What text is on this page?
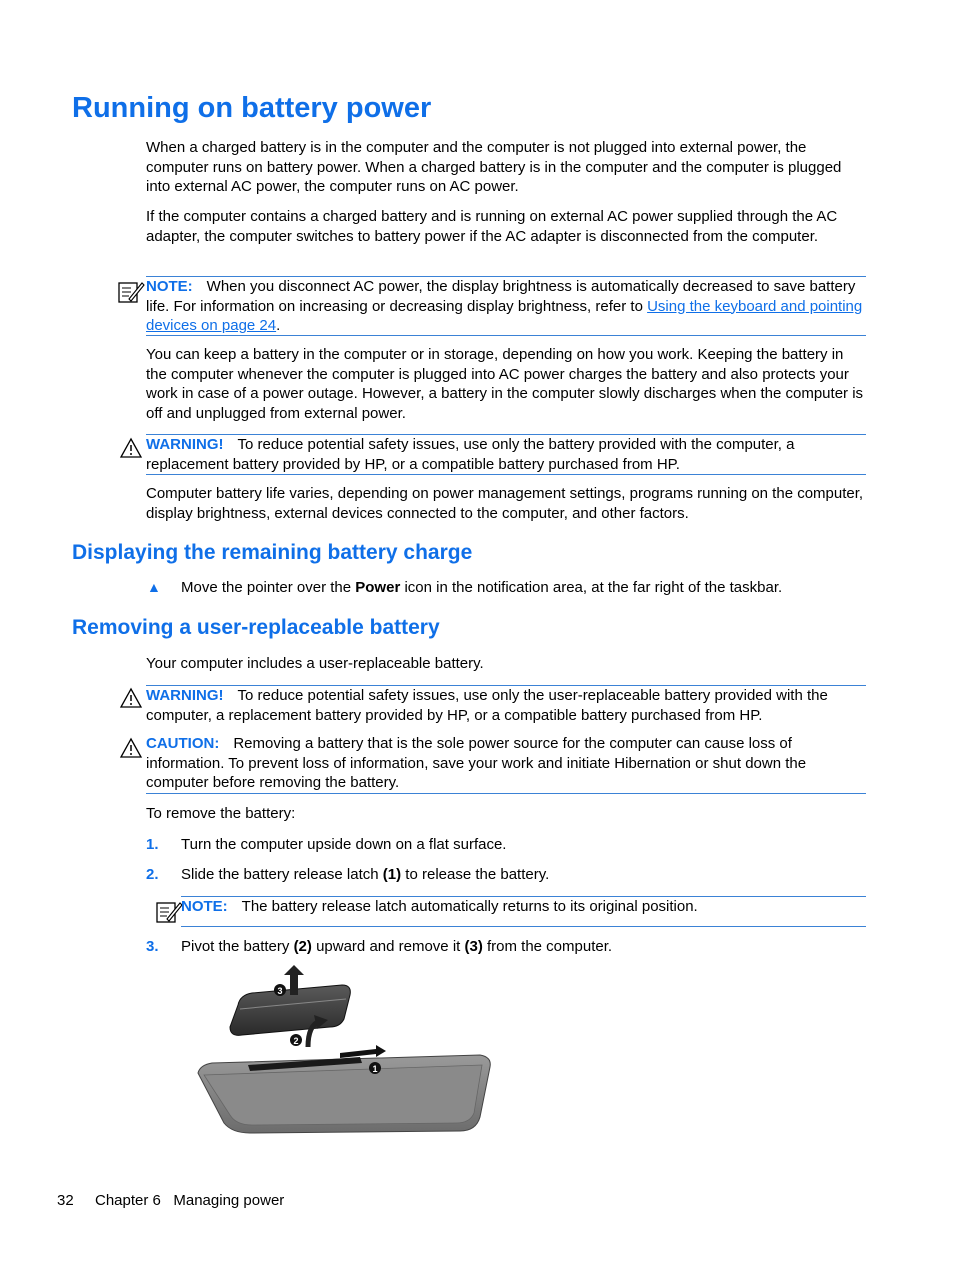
Running on battery power

When a charged battery is in the computer and the computer is not plugged into external power, the computer runs on battery power. When a charged battery is in the computer and the computer is plugged into external AC power, the computer runs on AC power.

If the computer contains a charged battery and is running on external AC power supplied through the AC adapter, the computer switches to battery power if the AC adapter is disconnected from the computer.

NOTE: When you disconnect AC power, the display brightness is automatically decreased to save battery life. For information on increasing or decreasing display brightness, refer to Using the keyboard and pointing devices on page 24.

You can keep a battery in the computer or in storage, depending on how you work. Keeping the battery in the computer whenever the computer is plugged into AC power charges the battery and also protects your work in case of a power outage. However, a battery in the computer slowly discharges when the computer is off and unplugged from external power.

WARNING! To reduce potential safety issues, use only the battery provided with the computer, a replacement battery provided by HP, or a compatible battery purchased from HP.

Computer battery life varies, depending on power management settings, programs running on the computer, display brightness, external devices connected to the computer, and other factors.

Displaying the remaining battery charge
▲ Move the pointer over the Power icon in the notification area, at the far right of the taskbar.
Removing a user-replaceable battery

Your computer includes a user-replaceable battery.

WARNING! To reduce potential safety issues, use only the user-replaceable battery provided with the computer, a replacement battery provided by HP, or a compatible battery purchased from HP.
CAUTION: Removing a battery that is the sole power source for the computer can cause loss of information. To prevent loss of information, save your work and initiate Hibernation or shut down the computer before removing the battery.

To remove the battery:

1. Turn the computer upside down on a flat surface.
2. Slide the battery release latch (1) to release the battery.
NOTE: The battery release latch automatically returns to its original position.
3. Pivot the battery (2) upward and remove it (3) from the computer.
3
2
1
32 Chapter 6   Managing power
